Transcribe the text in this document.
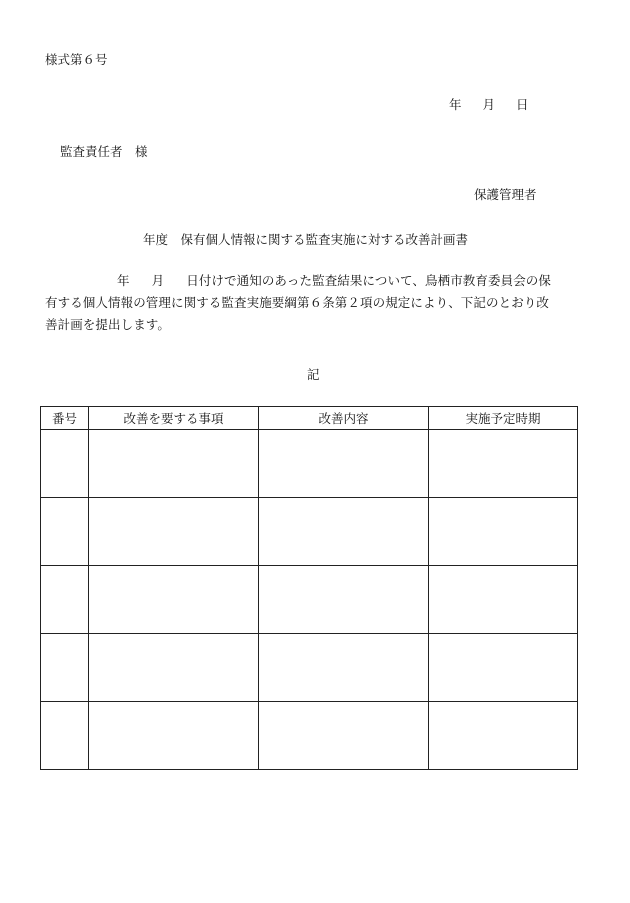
様式第６号
年 月 日
監査責任者　様
保護管理者
年度　保有個人情報に関する監査実施に対する改善計画書
年 月 日付けで通知のあった監査結果について、鳥栖市教育委員会の保
有する個人情報の管理に関する監査実施要綱第６条第２項の規定により、下記のとおり改
善計画を提出します。
記
番号	改善を要する事項	改善内容	実施予定時期
